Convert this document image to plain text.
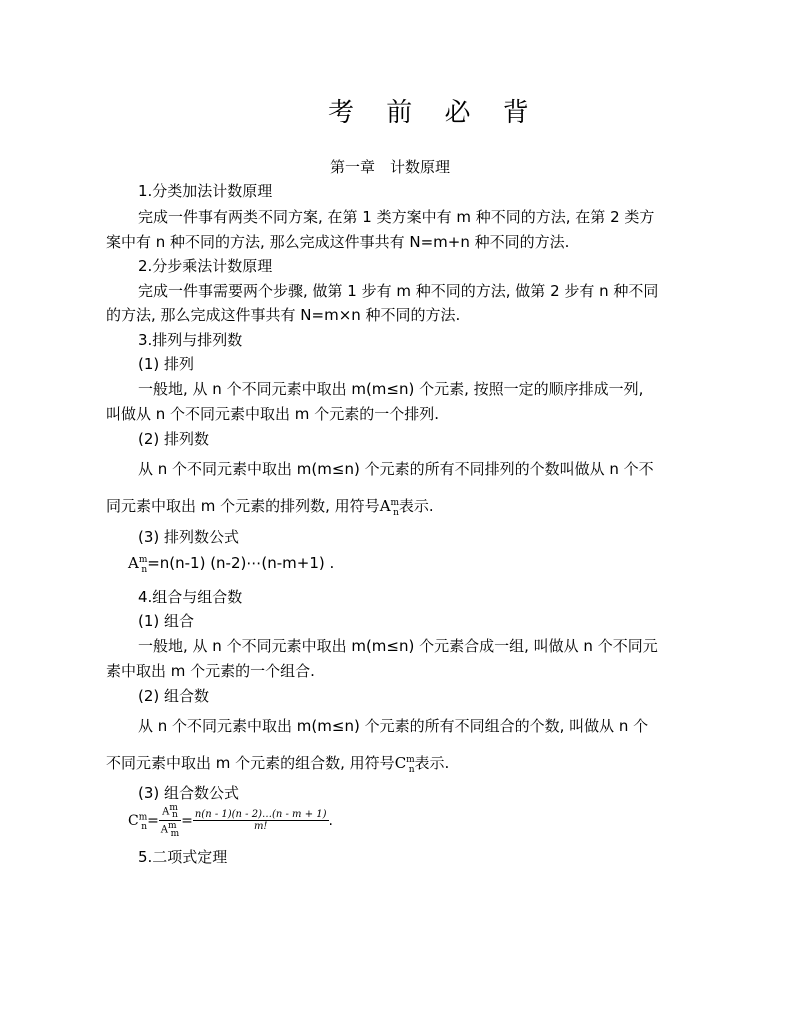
考 前 必 背
第一章　计数原理
1.分类加法计数原理
完成一件事有两类不同方案, 在第 1 类方案中有 m 种不同的方法, 在第 2 类方
案中有 n 种不同的方法, 那么完成这件事共有 N=m+n 种不同的方法.
2.分步乘法计数原理
完成一件事需要两个步骤, 做第 1 步有 m 种不同的方法, 做第 2 步有 n 种不同
的方法, 那么完成这件事共有 N=m×n 种不同的方法.
3.排列与排列数
(1) 排列
一般地, 从 n 个不同元素中取出 m(m≤n) 个元素, 按照一定的顺序排成一列,
叫做从 n 个不同元素中取出 m 个元素的一个排列.
(2) 排列数
从 n 个不同元素中取出 m(m≤n) 个元素的所有不同排列的个数叫做从 n 个不
同元素中取出 m 个元素的排列数, 用符号$A^m_n$表示.
(3) 排列数公式
$A^m_n=n(n-1)$ (n-2)⋯(n-m+1) .
4.组合与组合数
(1) 组合
一般地, 从 n 个不同元素中取出 m(m≤n) 个元素合成一组, 叫做从 n 个不同元
素中取出 m 个元素的一个组合.
(2) 组合数
从 n 个不同元素中取出 m(m≤n) 个元素的所有不同组合的个数, 叫做从 n 个
不同元素中取出 m 个元素的组合数, 用符号$C^m_n$表示.
(3) 组合数公式
$C^m_n= \frac{\text{Amn}}{\text{Amm}} = \frac{n(n - 1)(n - 2)\dots(n - m + 1)}{m!}$ .
5.二项式定理
